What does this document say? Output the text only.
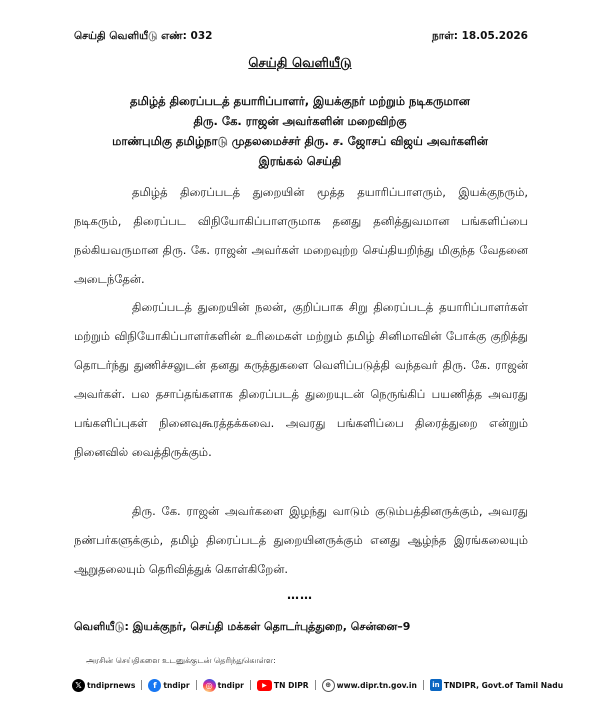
செய்தி வெளியீடு எண்: 032	நாள்: 18.05.2026
செய்தி வெளியீடு
தமிழ்த் திரைப்படத் தயாரிப்பாளர், இயக்குநர் மற்றும் நடிகருமான
திரு. கே. ராஜன் அவர்களின் மறைவிற்கு
மாண்புமிகு தமிழ்நாடு முதலமைச்சர் திரு. ச. ஜோசப் விஜய் அவர்களின்
இரங்கல் செய்தி

தமிழ்த் திரைப்படத் துறையின் மூத்த தயாரிப்பாளரும், இயக்குநரும், நடிகரும், திரைப்பட விநியோகிப்பாளருமாக தனது தனித்துவமான பங்களிப்பை நல்கியவருமான திரு. கே. ராஜன் அவர்கள் மறைவுற்ற செய்தியறிந்து மிகுந்த வேதனை அடைந்தேன்.

திரைப்படத் துறையின் நலன், குறிப்பாக சிறு திரைப்படத் தயாரிப்பாளர்கள் மற்றும் விநியோகிப்பாளர்களின் உரிமைகள் மற்றும் தமிழ் சினிமாவின் போக்கு குறித்து தொடர்ந்து துணிச்சலுடன் தனது கருத்துகளை வெளிப்படுத்தி வந்தவர் திரு. கே. ராஜன் அவர்கள். பல தசாப்தங்களாக திரைப்படத் துறையுடன் நெருங்கிப் பயணித்த அவரது பங்களிப்புகள் நினைவுகூரத்தக்கவை. அவரது பங்களிப்பை திரைத்துறை என்றும் நினைவில் வைத்திருக்கும்.

திரு. கே. ராஜன் அவர்களை இழந்து வாடும் குடும்பத்தினருக்கும், அவரது நண்பர்களுக்கும், தமிழ் திரைப்படத் துறையினருக்கும் எனது ஆழ்ந்த இரங்கலையும் ஆறுதலையும் தெரிவித்துக் கொள்கிறேன்.

……
வெளியீடு: இயக்குநர், செய்தி மக்கள் தொடர்புத்துறை, சென்னை–9
அரசின் செய்திகளை உடனுக்குடன் தெரிந்துகொள்ள:
𝕏 tndiprnews	f tndipr	◎ tndipr	▶ TN DIPR	⊕ www.dipr.tn.gov.in	in TNDIPR, Govt.of Tamil Nadu
